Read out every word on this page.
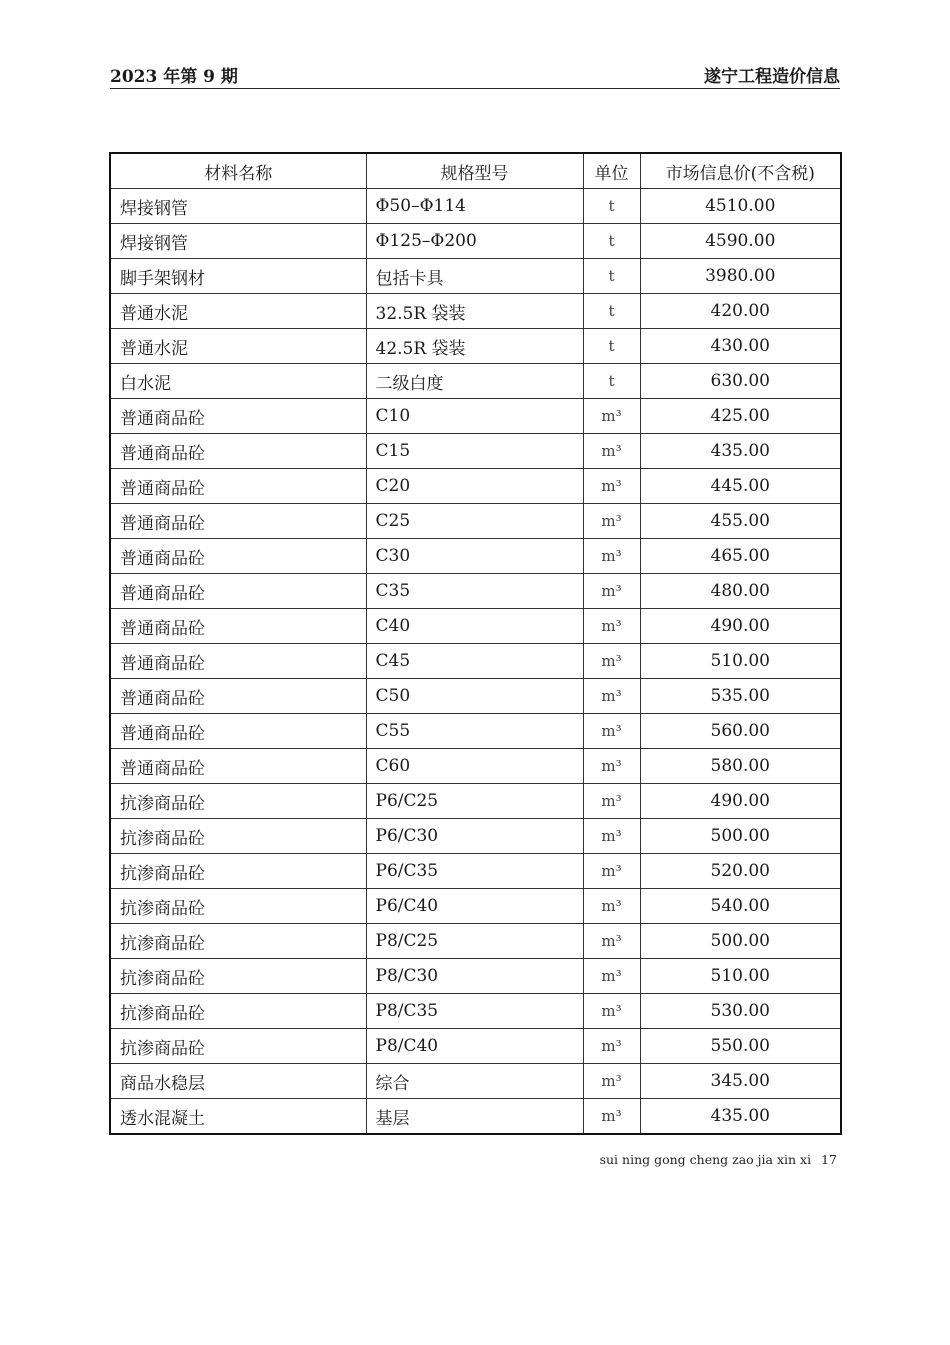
2023 年第 9 期	遂宁工程造价信息
材料名称	规格型号	单位	市场信息价(不含税)
焊接钢管	Φ50–Φ114	t	4510.00
焊接钢管	Φ125–Φ200	t	4590.00
脚手架钢材	包括卡具	t	3980.00
普通水泥	32.5R 袋装	t	420.00
普通水泥	42.5R 袋装	t	430.00
白水泥	二级白度	t	630.00
普通商品砼	C10	m³	425.00
普通商品砼	C15	m³	435.00
普通商品砼	C20	m³	445.00
普通商品砼	C25	m³	455.00
普通商品砼	C30	m³	465.00
普通商品砼	C35	m³	480.00
普通商品砼	C40	m³	490.00
普通商品砼	C45	m³	510.00
普通商品砼	C50	m³	535.00
普通商品砼	C55	m³	560.00
普通商品砼	C60	m³	580.00
抗渗商品砼	P6/C25	m³	490.00
抗渗商品砼	P6/C30	m³	500.00
抗渗商品砼	P6/C35	m³	520.00
抗渗商品砼	P6/C40	m³	540.00
抗渗商品砼	P8/C25	m³	500.00
抗渗商品砼	P8/C30	m³	510.00
抗渗商品砼	P8/C35	m³	530.00
抗渗商品砼	P8/C40	m³	550.00
商品水稳层	综合	m³	345.00
透水混凝土	基层	m³	435.00
sui ning gong cheng zao jia xin xi 17
